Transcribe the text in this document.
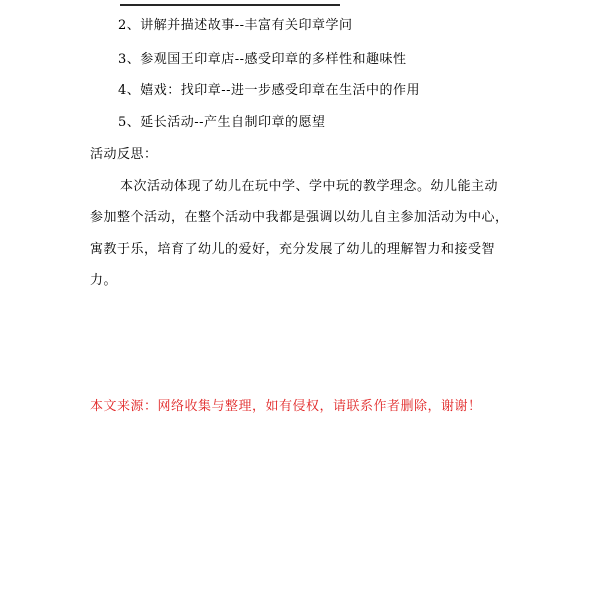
2、讲解并描述故事--丰富有关印章学问
3、参观国王印章店--感受印章的多样性和趣味性
4、嬉戏：找印章--进一步感受印章在生活中的作用
5、延长活动--产生自制印章的愿望
活动反思：
本次活动体现了幼儿在玩中学、学中玩的教学理念。幼儿能主动
参加整个活动，在整个活动中我都是强调以幼儿自主参加活动为中心，
寓教于乐，培育了幼儿的爱好，充分发展了幼儿的理解智力和接受智
力。
本文来源：网络收集与整理，如有侵权，请联系作者删除，谢谢！
